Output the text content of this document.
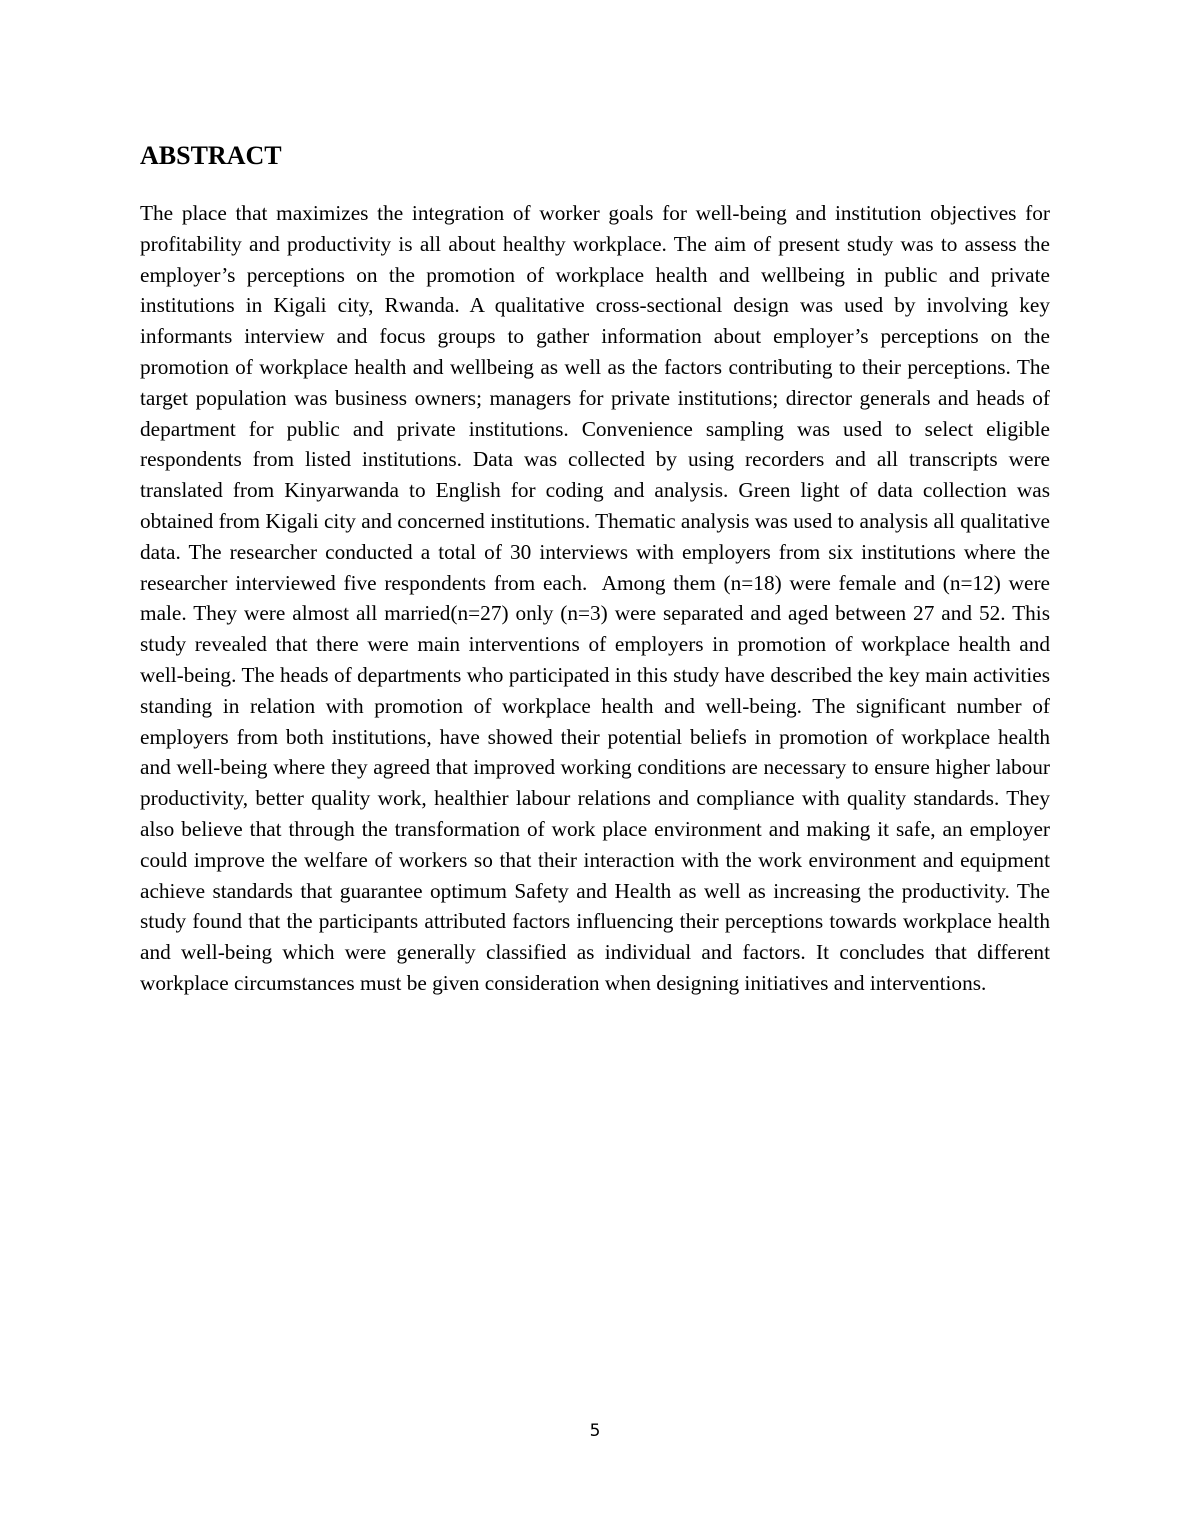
ABSTRACT

The place that maximizes the integration of worker goals for well-being and institution objectives for profitability and productivity is all about healthy workplace. The aim of present study was to assess the employer’s perceptions on the promotion of workplace health and wellbeing in public and private institutions in Kigali city, Rwanda. A qualitative cross-sectional design was used by involving key informants interview and focus groups to gather information about employer’s perceptions on the promotion of workplace health and wellbeing as well as the factors contributing to their perceptions. The target population was business owners; managers for private institutions; director generals and heads of department for public and private institutions. Convenience sampling was used to select eligible respondents from listed institutions. Data was collected by using recorders and all transcripts were translated from Kinyarwanda to English for coding and analysis. Green light of data collection was obtained from Kigali city and concerned institutions. Thematic analysis was used to analysis all qualitative data. The researcher conducted a total of 30 interviews with employers from six institutions where the researcher interviewed five respondents from each.  Among them (n=18) were female and (n=12) were male. They were almost all married(n=27) only (n=3) were separated and aged between 27 and 52. This study revealed that there were main interventions of employers in promotion of workplace health and well-being. The heads of departments who participated in this study have described the key main activities standing in relation with promotion of workplace health and well-being. The significant number of employers from both institutions, have showed their potential beliefs in promotion of workplace health and well-being where they agreed that improved working conditions are necessary to ensure higher labour productivity, better quality work, healthier labour relations and compliance with quality standards. They also believe that through the transformation of work place environment and making it safe, an employer could improve the welfare of workers so that their interaction with the work environment and equipment achieve standards that guarantee optimum Safety and Health as well as increasing the productivity. The study found that the participants attributed factors influencing their perceptions towards workplace health and well-being which were generally classified as individual and factors. It concludes that different workplace circumstances must be given consideration when designing initiatives and interventions.

5
